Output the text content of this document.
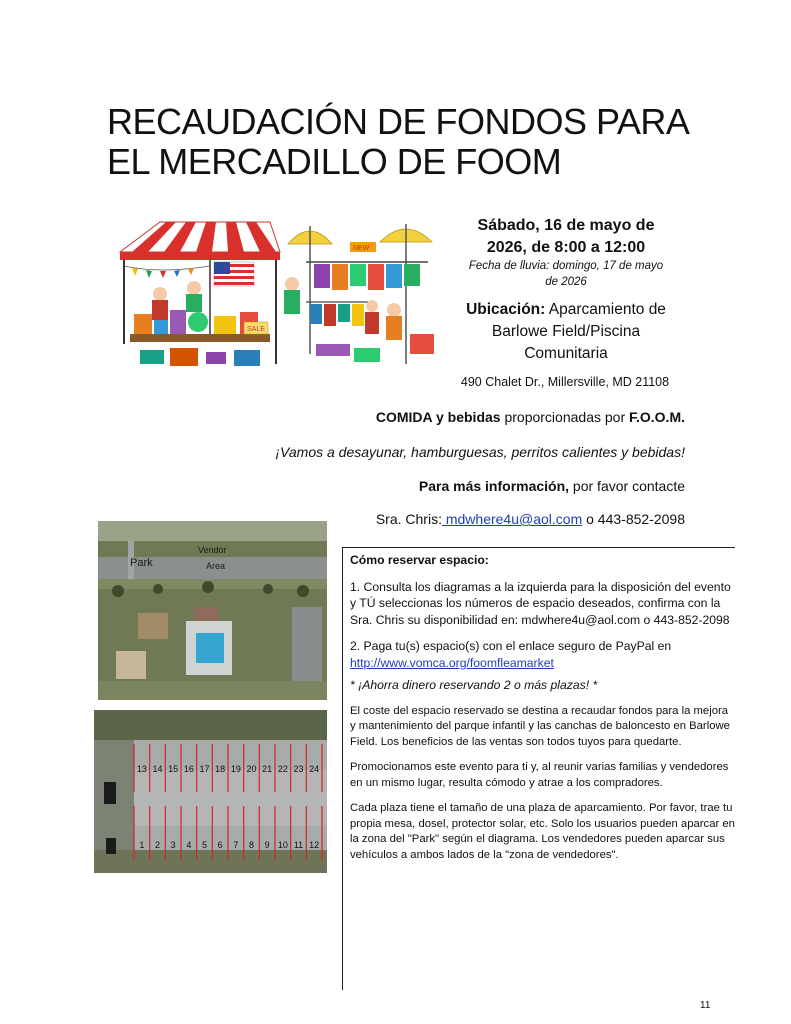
RECAUDACIÓN DE FONDOS PARA
EL MERCADILLO DE FOOM
SALE
NEW
Sábado, 16 de mayo de
2026, de 8:00 a 12:00
Fecha de lluvia: domingo, 17 de mayo
de 2026
Ubicación: Aparcamiento de
Barlowe Field/Piscina
Comunitaria
490 Chalet Dr., Millersville, MD 21108
COMIDA y bebidas proporcionadas por F.O.O.M.
¡Vamos a desayunar, hamburguesas, perritos calientes y bebidas!
Para más información, por favor contacte
Sra. Chris: mdwhere4u@aol.com o 443-852-2098
Park
Vendor
Area
13 14 15 16 17 18 19 20 21 22 23 24
1 2 3 4 5 6 7 8 9 10 11 12

Cómo reservar espacio:

1. Consulta los diagramas a la izquierda para la disposición del evento y TÚ seleccionas los números de espacio deseados, confirma con la Sra. Chris su disponibilidad en: mdwhere4u@aol.com o 443-852-2098

2. Paga tu(s) espacio(s) con el enlace seguro de PayPal en
http://www.vomca.org/foomfleamarket

* ¡Ahorra dinero reservando 2 o más plazas! *

El coste del espacio reservado se destina a recaudar fondos para la mejora y mantenimiento del parque infantil y las canchas de baloncesto en Barlowe Field. Los beneficios de las ventas son todos tuyos para quedarte.

Promocionamos este evento para ti y, al reunir varias familias y vendedores en un mismo lugar, resulta cómodo y atrae a los compradores.

Cada plaza tiene el tamaño de una plaza de aparcamiento. Por favor, trae tu propia mesa, dosel, protector solar, etc. Solo los usuarios pueden aparcar en la zona del "Park" según el diagrama. Los vendedores pueden aparcar sus vehículos a ambos lados de la "zona de vendedores".

11
